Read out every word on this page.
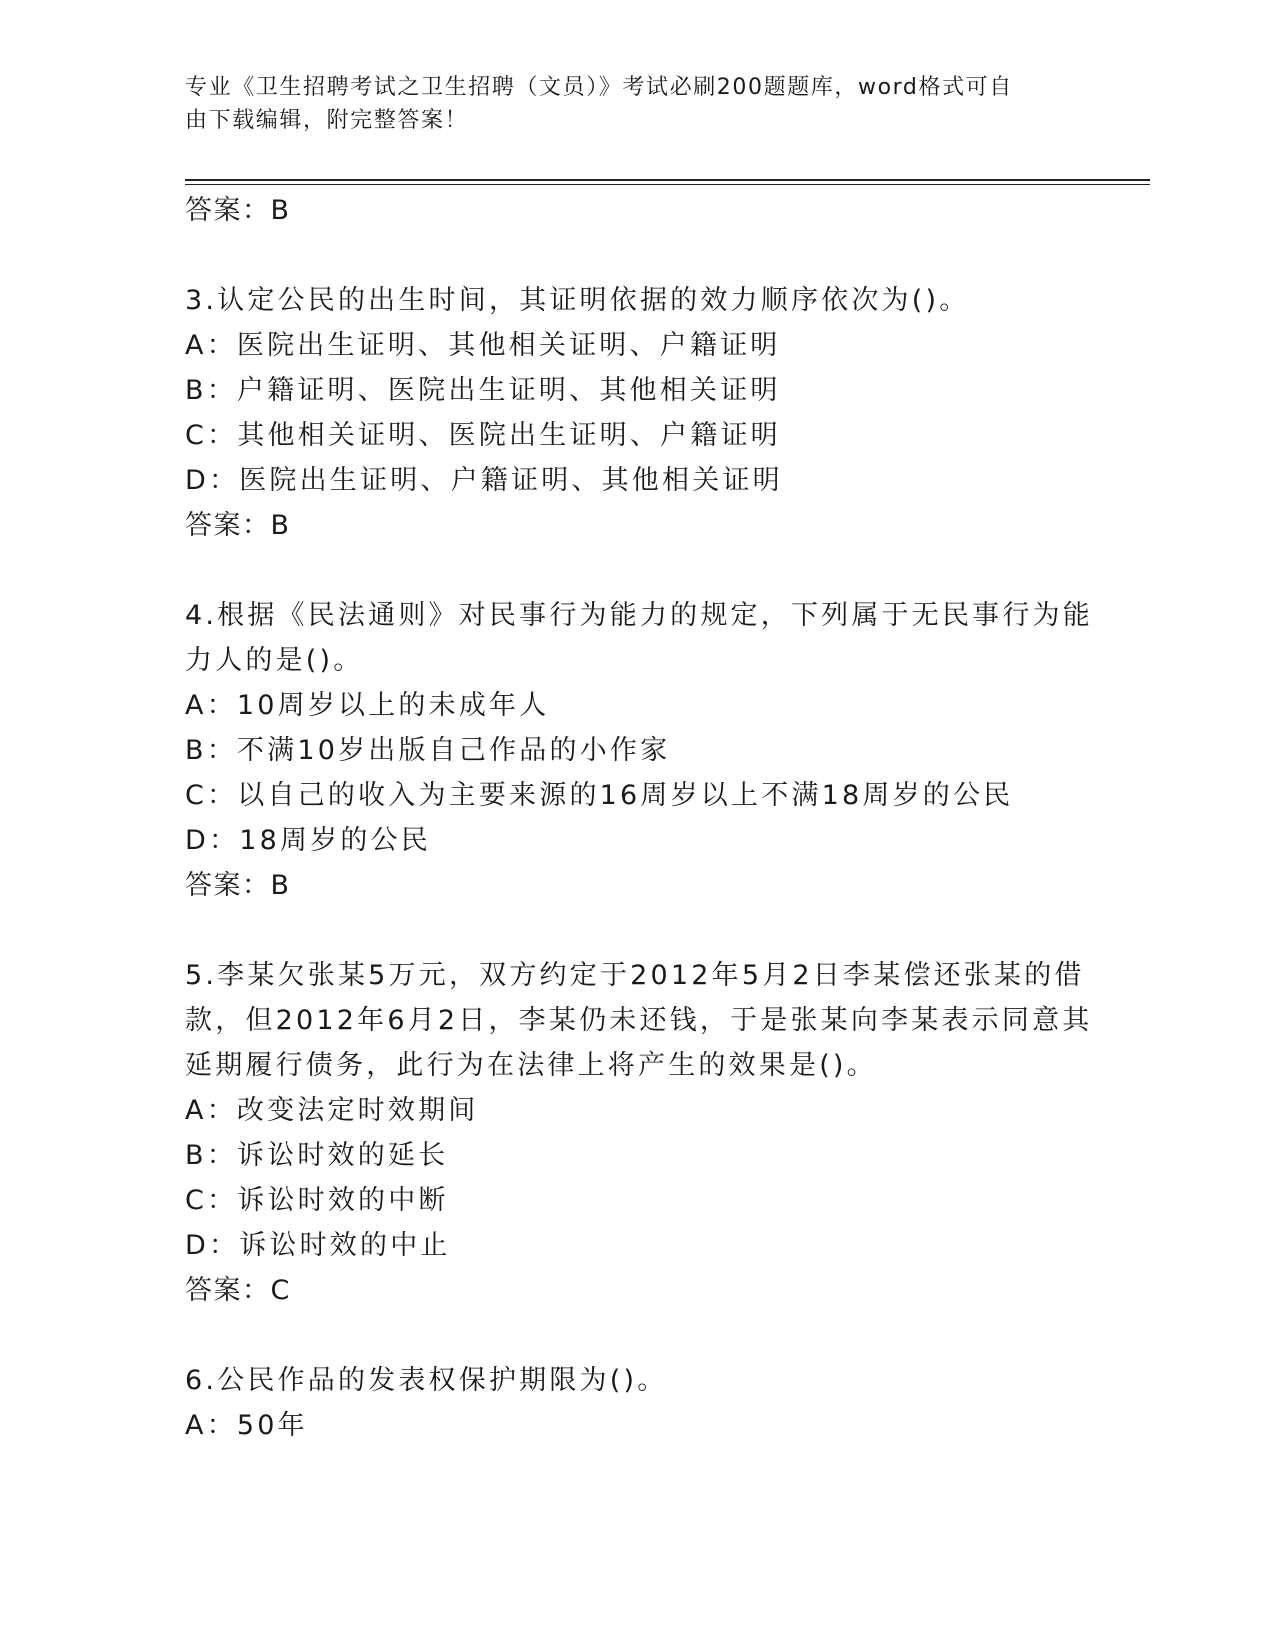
专业《卫生招聘考试之卫生招聘（文员）》考试必刷200题题库，word格式可自
由下载编辑，附完整答案！
答案：B
3.认定公民的出生时间，其证明依据的效力顺序依次为()。
A：医院出生证明、其他相关证明、户籍证明
B：户籍证明、医院出生证明、其他相关证明
C：其他相关证明、医院出生证明、户籍证明
D：医院出生证明、户籍证明、其他相关证明
答案：B
4.根据《民法通则》对民事行为能力的规定，下列属于无民事行为能
力人的是()。
A：10周岁以上的未成年人
B：不满10岁出版自己作品的小作家
C：以自己的收入为主要来源的16周岁以上不满18周岁的公民
D：18周岁的公民
答案：B
5.李某欠张某5万元，双方约定于2012年5月2日李某偿还张某的借
款，但2012年6月2日，李某仍未还钱，于是张某向李某表示同意其
延期履行债务，此行为在法律上将产生的效果是()。
A：改变法定时效期间
B：诉讼时效的延长
C：诉讼时效的中断
D：诉讼时效的中止
答案：C
6.公民作品的发表权保护期限为()。
A：50年
